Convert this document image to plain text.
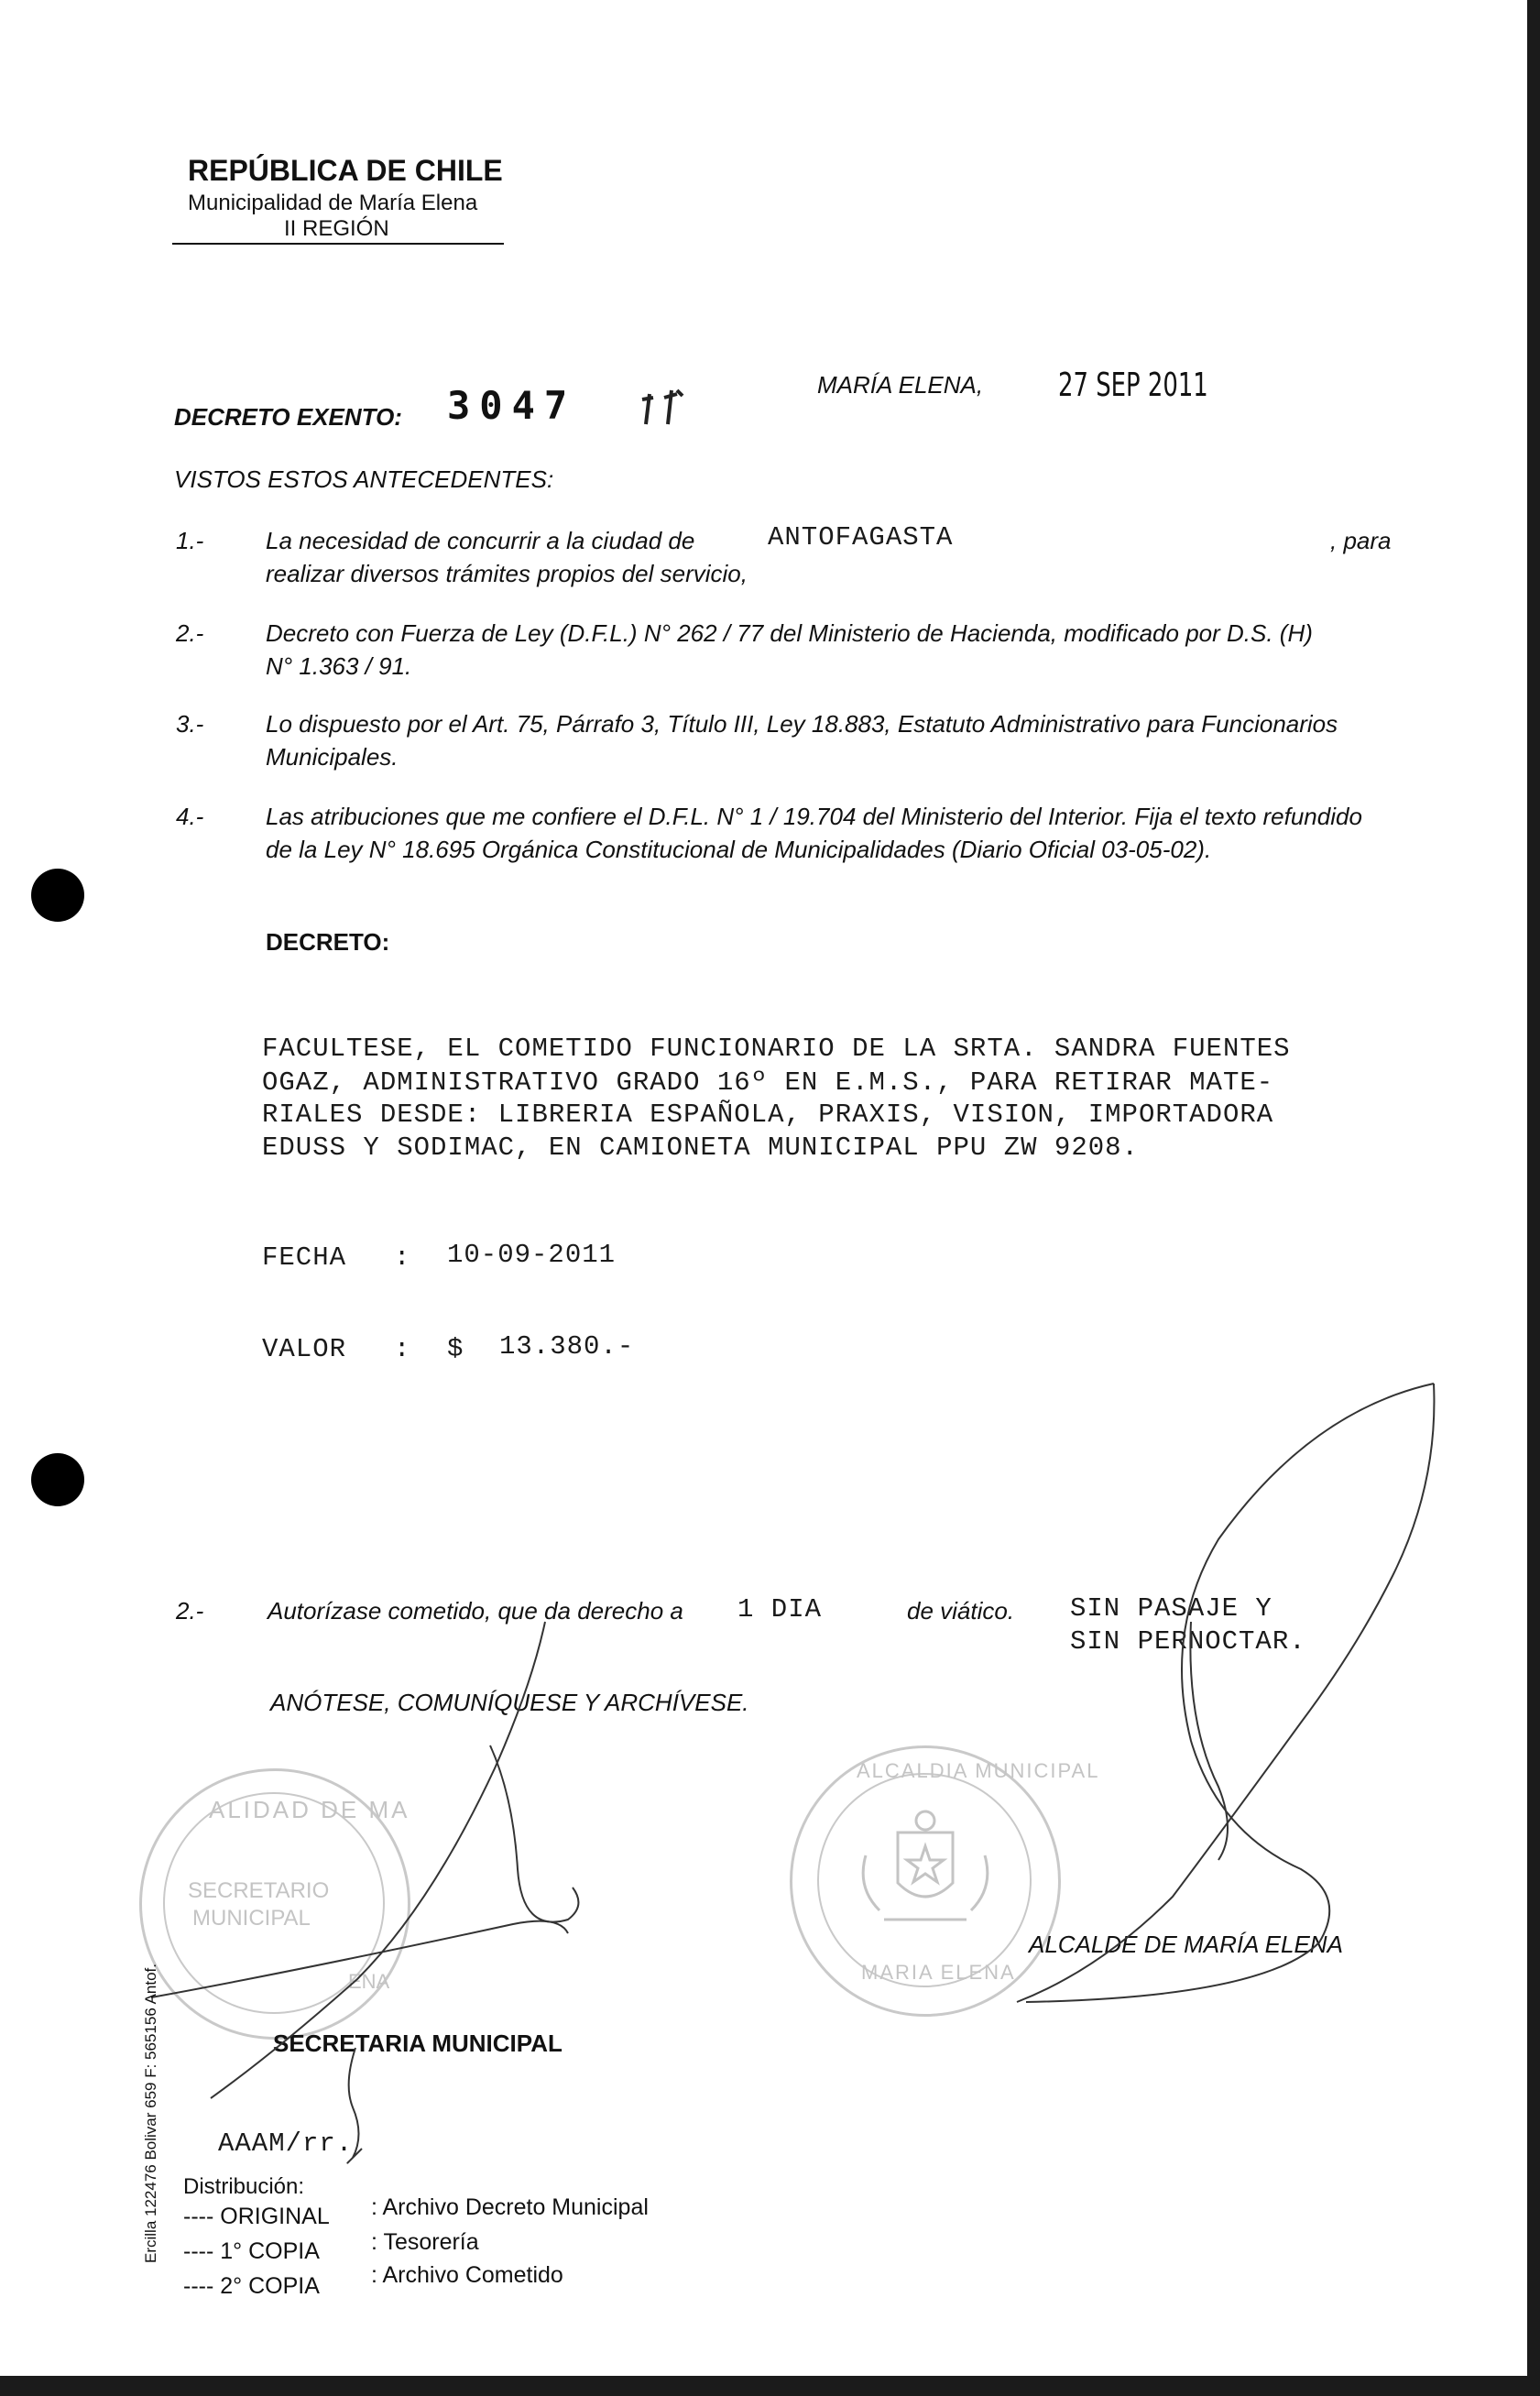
REPÚBLICA DE CHILE
Municipalidad de María Elena
II REGIÓN
DECRETO EXENTO: 3047	MARÍA ELENA, 27 SEP 2011
VISTOS ESTOS ANTECEDENTES:
1.-	La necesidad de concurrir a la ciudad de	ANTOFAGASTA	, para
realizar diversos trámites propios del servicio,
2.-	Decreto con Fuerza de Ley (D.F.L.) N° 262 / 77 del Ministerio de Hacienda, modificado por D.S. (H)
N° 1.363 / 91.
3.-	Lo dispuesto por el Art. 75, Párrafo 3, Título III, Ley 18.883, Estatuto Administrativo para Funcionarios
Municipales.
4.-	Las atribuciones que me confiere el D.F.L. N° 1 / 19.704 del Ministerio del Interior. Fija el texto refundido
de la Ley N° 18.695 Orgánica Constitucional de Municipalidades (Diario Oficial 03-05-02).
DECRETO:
FACULTESE, EL COMETIDO FUNCIONARIO DE LA SRTA. SANDRA FUENTES
OGAZ, ADMINISTRATIVO GRADO 16º EN E.M.S., PARA RETIRAR MATE-
RIALES DESDE: LIBRERIA ESPAÑOLA, PRAXIS, VISION, IMPORTADORA
EDUSS Y SODIMAC, EN CAMIONETA MUNICIPAL PPU ZW 9208.
FECHA : 10-09-2011
VALOR : $ 13.380.-
2.-	Autorízase cometido, que da derecho a 1 DIA	de viático. SIN PASAJE Y
SIN PERNOCTAR.
ANÓTESE, COMUNÍQUESE Y ARCHÍVESE.
ALIDAD DE MA
SECRETARIO
MUNICIPAL
ENA
ALCALDIA MUNICIPAL
MARIA ELENA
ALCALDE DE MARÍA ELENA
SECRETARIA MUNICIPAL
AAAM/rr.
Distribución:
---- ORIGINAL : Archivo Decreto Municipal
---- 1° COPIA : Tesorería
---- 2° COPIA : Archivo Cometido
Ercilla 122476 Bolivar 659 F: 565156 Antof.
